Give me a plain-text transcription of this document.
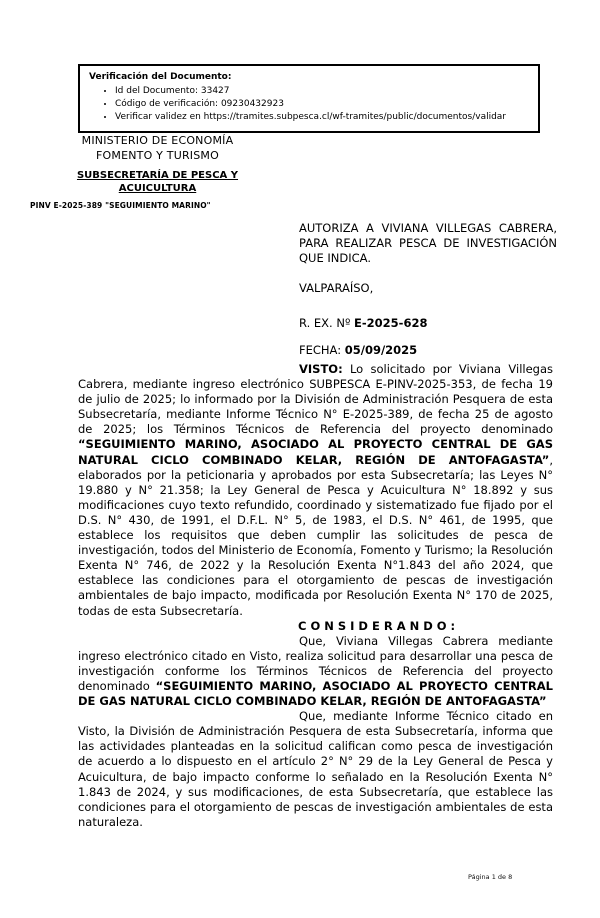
Verificación del Documento:
• Id del Documento: 33427
• Código de verificación: 09230432923
• Verificar validez en https://tramites.subpesca.cl/wf-tramites/public/documentos/validar
MINISTERIO DE ECONOMÍA
FOMENTO Y TURISMO
SUBSECRETARÍA DE PESCA Y
ACUICULTURA
PINV E-2025-389 "SEGUIMIENTO MARINO"
AUTORIZA A VIVIANA VILLEGAS CABRERA, PARA REALIZAR PESCA DE INVESTIGACIÓN QUE INDICA.
VALPARAÍSO,
R. EX. Nº E-2025-628
FECHA: 05/09/2025

VISTO: Lo solicitado por Viviana Villegas Cabrera, mediante ingreso electrónico SUBPESCA E-PINV-2025-353, de fecha 19 de julio de 2025; lo informado por la División de Administración Pesquera de esta Subsecretaría, mediante Informe Técnico N° E-2025-389, de fecha 25 de agosto de 2025; los Términos Técnicos de Referencia del proyecto denominado “SEGUIMIENTO MARINO, ASOCIADO AL PROYECTO CENTRAL DE GAS NATURAL CICLO COMBINADO KELAR, REGIÓN DE ANTOFAGASTA”, elaborados por la peticionaria y aprobados por esta Subsecretaría; las Leyes N° 19.880 y N° 21.358; la Ley General de Pesca y Acuicultura N° 18.892 y sus modificaciones cuyo texto refundido, coordinado y sistematizado fue fijado por el D.S. N° 430, de 1991, el D.F.L. N° 5, de 1983, el D.S. N° 461, de 1995, que establece los requisitos que deben cumplir las solicitudes de pesca de investigación, todos del Ministerio de Economía, Fomento y Turismo; la Resolución Exenta N° 746, de 2022 y la Resolución Exenta N°1.843 del año 2024, que establece las condiciones para el otorgamiento de pescas de investigación ambientales de bajo impacto, modificada por Resolución Exenta N° 170 de 2025, todas de esta Subsecretaría.

C O N S I D E R A N D O :

Que, Viviana Villegas Cabrera mediante ingreso electrónico citado en Visto, realiza solicitud para desarrollar una pesca de investigación conforme los Términos Técnicos de Referencia del proyecto denominado “SEGUIMIENTO MARINO, ASOCIADO AL PROYECTO CENTRAL DE GAS NATURAL CICLO COMBINADO KELAR, REGIÓN DE ANTOFAGASTA”

Que, mediante Informe Técnico citado en Visto, la División de Administración Pesquera de esta Subsecretaría, informa que las actividades planteadas en la solicitud califican como pesca de investigación de acuerdo a lo dispuesto en el artículo 2° N° 29 de la Ley General de Pesca y Acuicultura, de bajo impacto conforme lo señalado en la Resolución Exenta N° 1.843 de 2024, y sus modificaciones, de esta Subsecretaría, que establece las condiciones para el otorgamiento de pescas de investigación ambientales de esta naturaleza.

Página 1 de 8
